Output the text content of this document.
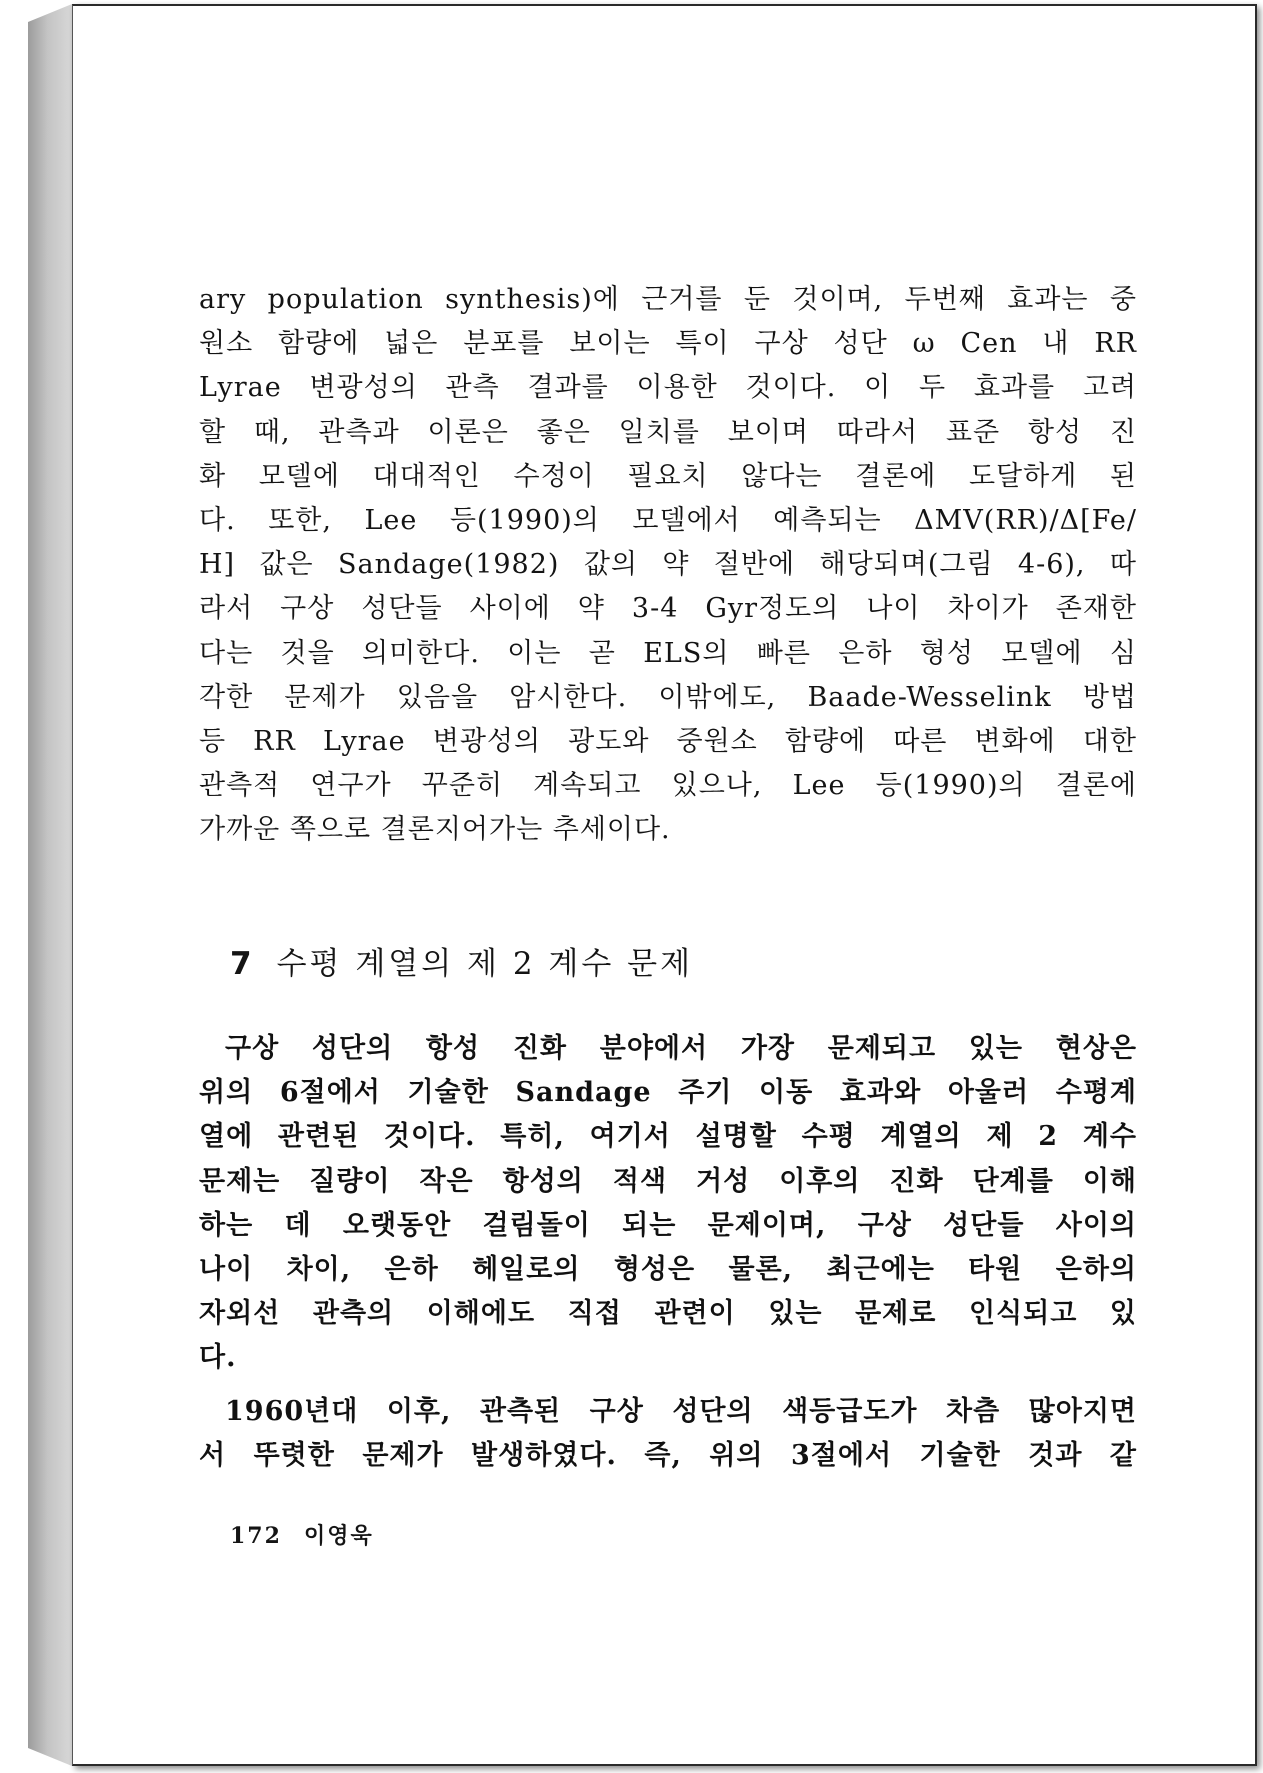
ary population synthesis)에 근거를 둔 것이며, 두번째 효과는 중

원소 함량에 넓은 분포를 보이는 특이 구상 성단 ω Cen 내 RR

Lyrae 변광성의 관측 결과를 이용한 것이다. 이 두 효과를 고려

할 때, 관측과 이론은 좋은 일치를 보이며 따라서 표준 항성 진

화 모델에 대대적인 수정이 필요치 않다는 결론에 도달하게 된

다. 또한, Lee 등(1990)의 모델에서 예측되는 ΔMV(RR)/Δ[Fe/

H] 값은 Sandage(1982) 값의 약 절반에 해당되며(그림 4-6), 따

라서 구상 성단들 사이에 약 3-4 Gyr정도의 나이 차이가 존재한

다는 것을 의미한다. 이는 곧 ELS의 빠른 은하 형성 모델에 심

각한 문제가 있음을 암시한다. 이밖에도, Baade-Wesselink 방법

등 RR Lyrae 변광성의 광도와 중원소 함량에 따른 변화에 대한

관측적 연구가 꾸준히 계속되고 있으나, Lee 등(1990)의 결론에

가까운 쪽으로 결론지어가는 추세이다.

7 수평 계열의 제 2 계수 문제

구상 성단의 항성 진화 분야에서 가장 문제되고 있는 현상은

위의 6절에서 기술한 Sandage 주기 이동 효과와 아울러 수평계

열에 관련된 것이다. 특히, 여기서 설명할 수평 계열의 제 2 계수

문제는 질량이 작은 항성의 적색 거성 이후의 진화 단계를 이해

하는 데 오랫동안 걸림돌이 되는 문제이며, 구상 성단들 사이의

나이 차이, 은하 헤일로의 형성은 물론, 최근에는 타원 은하의

자외선 관측의 이해에도 직접 관련이 있는 문제로 인식되고 있

다.

1960년대 이후, 관측된 구상 성단의 색등급도가 차츰 많아지면

서 뚜렷한 문제가 발생하였다. 즉, 위의 3절에서 기술한 것과 같

172 이영욱
